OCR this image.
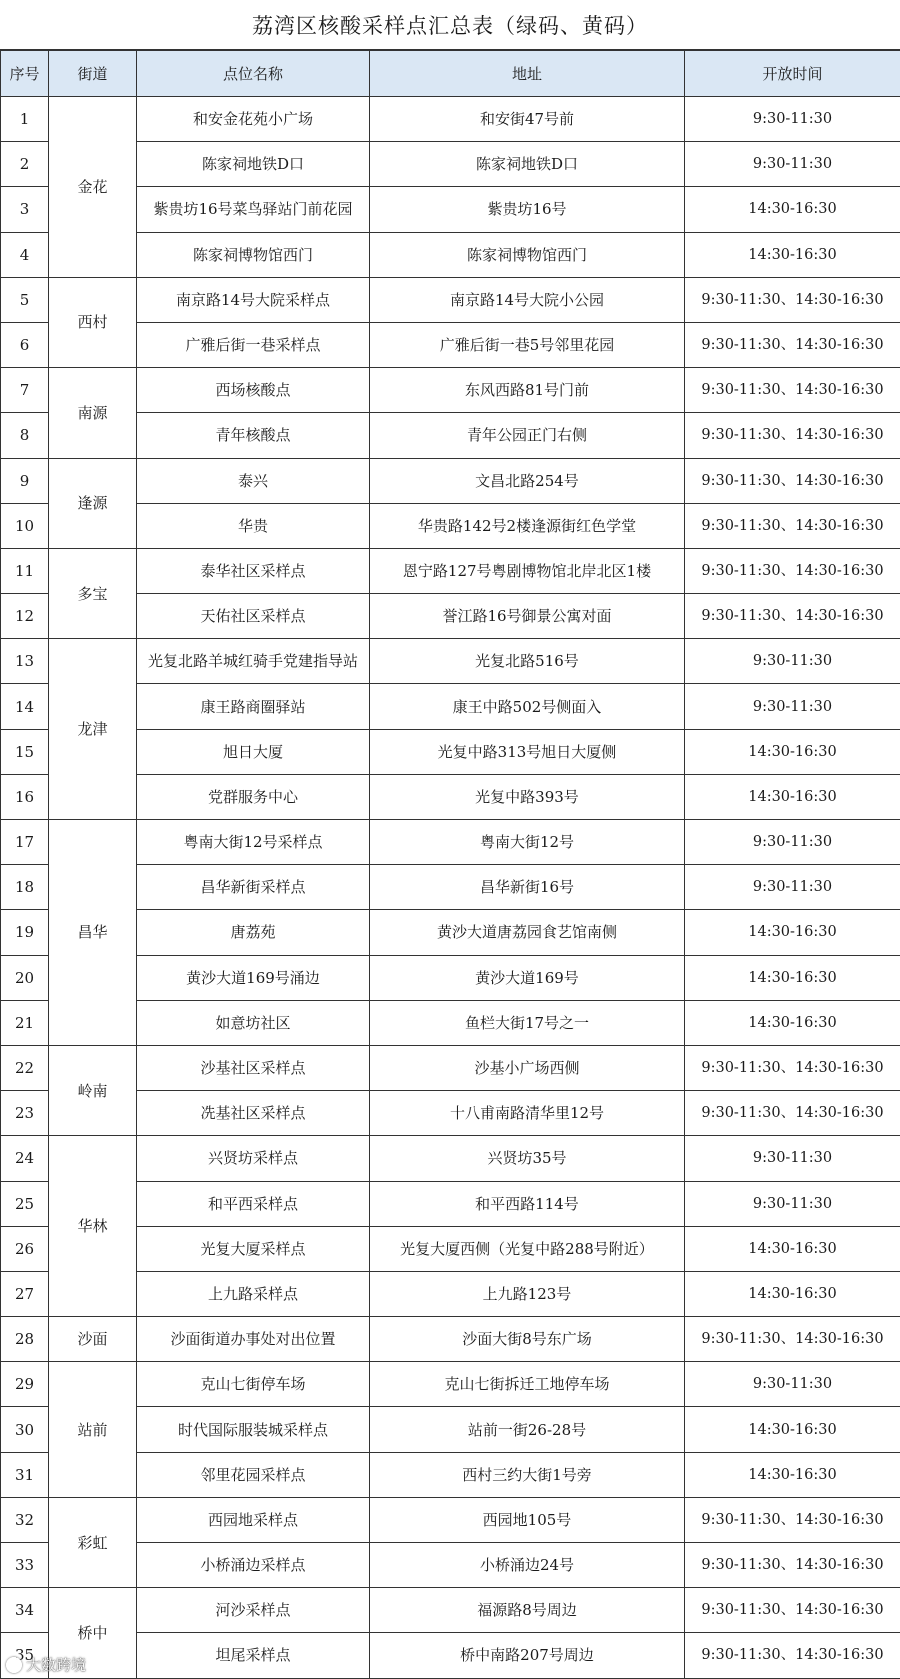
荔湾区核酸采样点汇总表（绿码、黄码）
序号	街道	点位名称	地址	开放时间
1	金花	和安金花苑小广场	和安街47号前	9:30-11:30
2		陈家祠地铁D口	陈家祠地铁D口	9:30-11:30
3		紫贵坊16号菜鸟驿站门前花园	紫贵坊16号	14:30-16:30
4		陈家祠博物馆西门	陈家祠博物馆西门	14:30-16:30
5	西村	南京路14号大院采样点	南京路14号大院小公园	9:30-11:30、14:30-16:30
6		广雅后街一巷采样点	广雅后街一巷5号邻里花园	9:30-11:30、14:30-16:30
7	南源	西场核酸点	东风西路81号门前	9:30-11:30、14:30-16:30
8		青年核酸点	青年公园正门右侧	9:30-11:30、14:30-16:30
9	逢源	泰兴	文昌北路254号	9:30-11:30、14:30-16:30
10		华贵	华贵路142号2楼逢源街红色学堂	9:30-11:30、14:30-16:30
11	多宝	泰华社区采样点	恩宁路127号粤剧博物馆北岸北区1楼	9:30-11:30、14:30-16:30
12		天佑社区采样点	誉江路16号御景公寓对面	9:30-11:30、14:30-16:30
13	龙津	光复北路羊城红骑手党建指导站	光复北路516号	9:30-11:30
14		康王路商圈驿站	康王中路502号侧面入	9:30-11:30
15		旭日大厦	光复中路313号旭日大厦侧	14:30-16:30
16		党群服务中心	光复中路393号	14:30-16:30
17	昌华	粤南大街12号采样点	粤南大街12号	9:30-11:30
18		昌华新街采样点	昌华新街16号	9:30-11:30
19		唐荔苑	黄沙大道唐荔园食艺馆南侧	14:30-16:30
20		黄沙大道169号涌边	黄沙大道169号	14:30-16:30
21		如意坊社区	鱼栏大街17号之一	14:30-16:30
22	岭南	沙基社区采样点	沙基小广场西侧	9:30-11:30、14:30-16:30
23		冼基社区采样点	十八甫南路清华里12号	9:30-11:30、14:30-16:30
24	华林	兴贤坊采样点	兴贤坊35号	9:30-11:30
25		和平西采样点	和平西路114号	9:30-11:30
26		光复大厦采样点	光复大厦西侧（光复中路288号附近）	14:30-16:30
27		上九路采样点	上九路123号	14:30-16:30
28	沙面	沙面街道办事处对出位置	沙面大街8号东广场	9:30-11:30、14:30-16:30
29	站前	克山七街停车场	克山七街拆迁工地停车场	9:30-11:30
30		时代国际服装城采样点	站前一街26-28号	14:30-16:30
31		邻里花园采样点	西村三约大街1号旁	14:30-16:30
32	彩虹	西园地采样点	西园地105号	9:30-11:30、14:30-16:30
33		小桥涌边采样点	小桥涌边24号	9:30-11:30、14:30-16:30
34	桥中	河沙采样点	福源路8号周边	9:30-11:30、14:30-16:30
35		坦尾采样点	桥中南路207号周边	9:30-11:30、14:30-16:30
大数跨境
